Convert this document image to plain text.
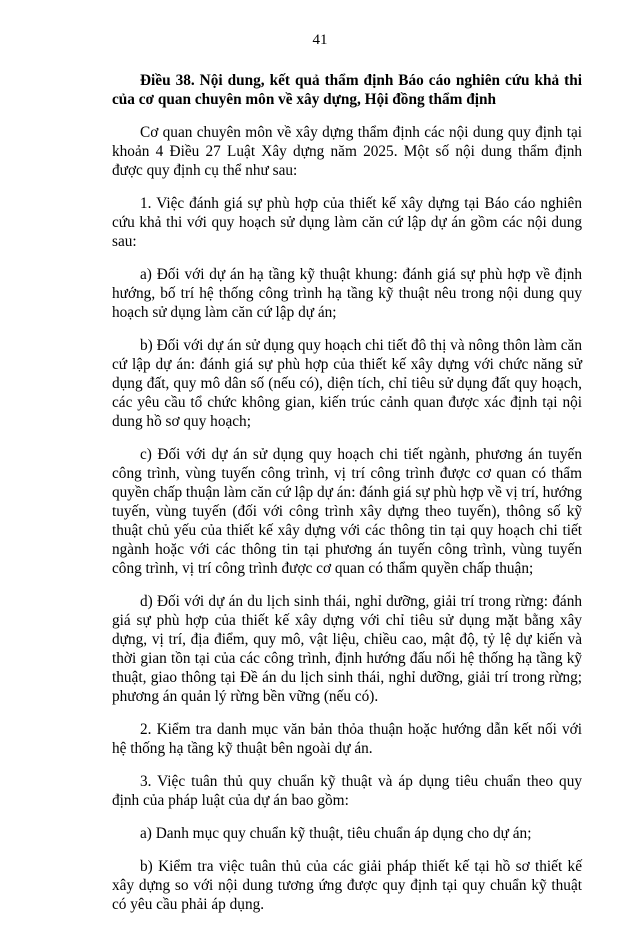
41

Điều 38. Nội dung, kết quả thẩm định Báo cáo nghiên cứu khả thi của cơ quan chuyên môn về xây dựng, Hội đồng thẩm định

Cơ quan chuyên môn về xây dựng thẩm định các nội dung quy định tại khoản 4 Điều 27 Luật Xây dựng năm 2025. Một số nội dung thẩm định được quy định cụ thể như sau:

1. Việc đánh giá sự phù hợp của thiết kế xây dựng tại Báo cáo nghiên cứu khả thi với quy hoạch sử dụng làm căn cứ lập dự án gồm các nội dung sau:

a) Đối với dự án hạ tầng kỹ thuật khung: đánh giá sự phù hợp về định hướng, bố trí hệ thống công trình hạ tầng kỹ thuật nêu trong nội dung quy hoạch sử dụng làm căn cứ lập dự án;

b) Đối với dự án sử dụng quy hoạch chi tiết đô thị và nông thôn làm căn cứ lập dự án: đánh giá sự phù hợp của thiết kế xây dựng với chức năng sử dụng đất, quy mô dân số (nếu có), diện tích, chỉ tiêu sử dụng đất quy hoạch, các yêu cầu tổ chức không gian, kiến trúc cảnh quan được xác định tại nội dung hồ sơ quy hoạch;

c) Đối với dự án sử dụng quy hoạch chi tiết ngành, phương án tuyến công trình, vùng tuyến công trình, vị trí công trình được cơ quan có thẩm quyền chấp thuận làm căn cứ lập dự án: đánh giá sự phù hợp về vị trí, hướng tuyến, vùng tuyến (đối với công trình xây dựng theo tuyến), thông số kỹ thuật chủ yếu của thiết kế xây dựng với các thông tin tại quy hoạch chi tiết ngành hoặc với các thông tin tại phương án tuyến công trình, vùng tuyến công trình, vị trí công trình được cơ quan có thẩm quyền chấp thuận;

d) Đối với dự án du lịch sinh thái, nghỉ dưỡng, giải trí trong rừng: đánh giá sự phù hợp của thiết kế xây dựng với chỉ tiêu sử dụng mặt bằng xây dựng, vị trí, địa điểm, quy mô, vật liệu, chiều cao, mật độ, tỷ lệ dự kiến và thời gian tồn tại của các công trình, định hướng đấu nối hệ thống hạ tầng kỹ thuật, giao thông tại Đề án du lịch sinh thái, nghỉ dưỡng, giải trí trong rừng; phương án quản lý rừng bền vững (nếu có).

2. Kiểm tra danh mục văn bản thỏa thuận hoặc hướng dẫn kết nối với hệ thống hạ tầng kỹ thuật bên ngoài dự án.

3. Việc tuân thủ quy chuẩn kỹ thuật và áp dụng tiêu chuẩn theo quy định của pháp luật của dự án bao gồm:

a) Danh mục quy chuẩn kỹ thuật, tiêu chuẩn áp dụng cho dự án;

b) Kiểm tra việc tuân thủ của các giải pháp thiết kế tại hồ sơ thiết kế xây dựng so với nội dung tương ứng được quy định tại quy chuẩn kỹ thuật có yêu cầu phải áp dụng.
